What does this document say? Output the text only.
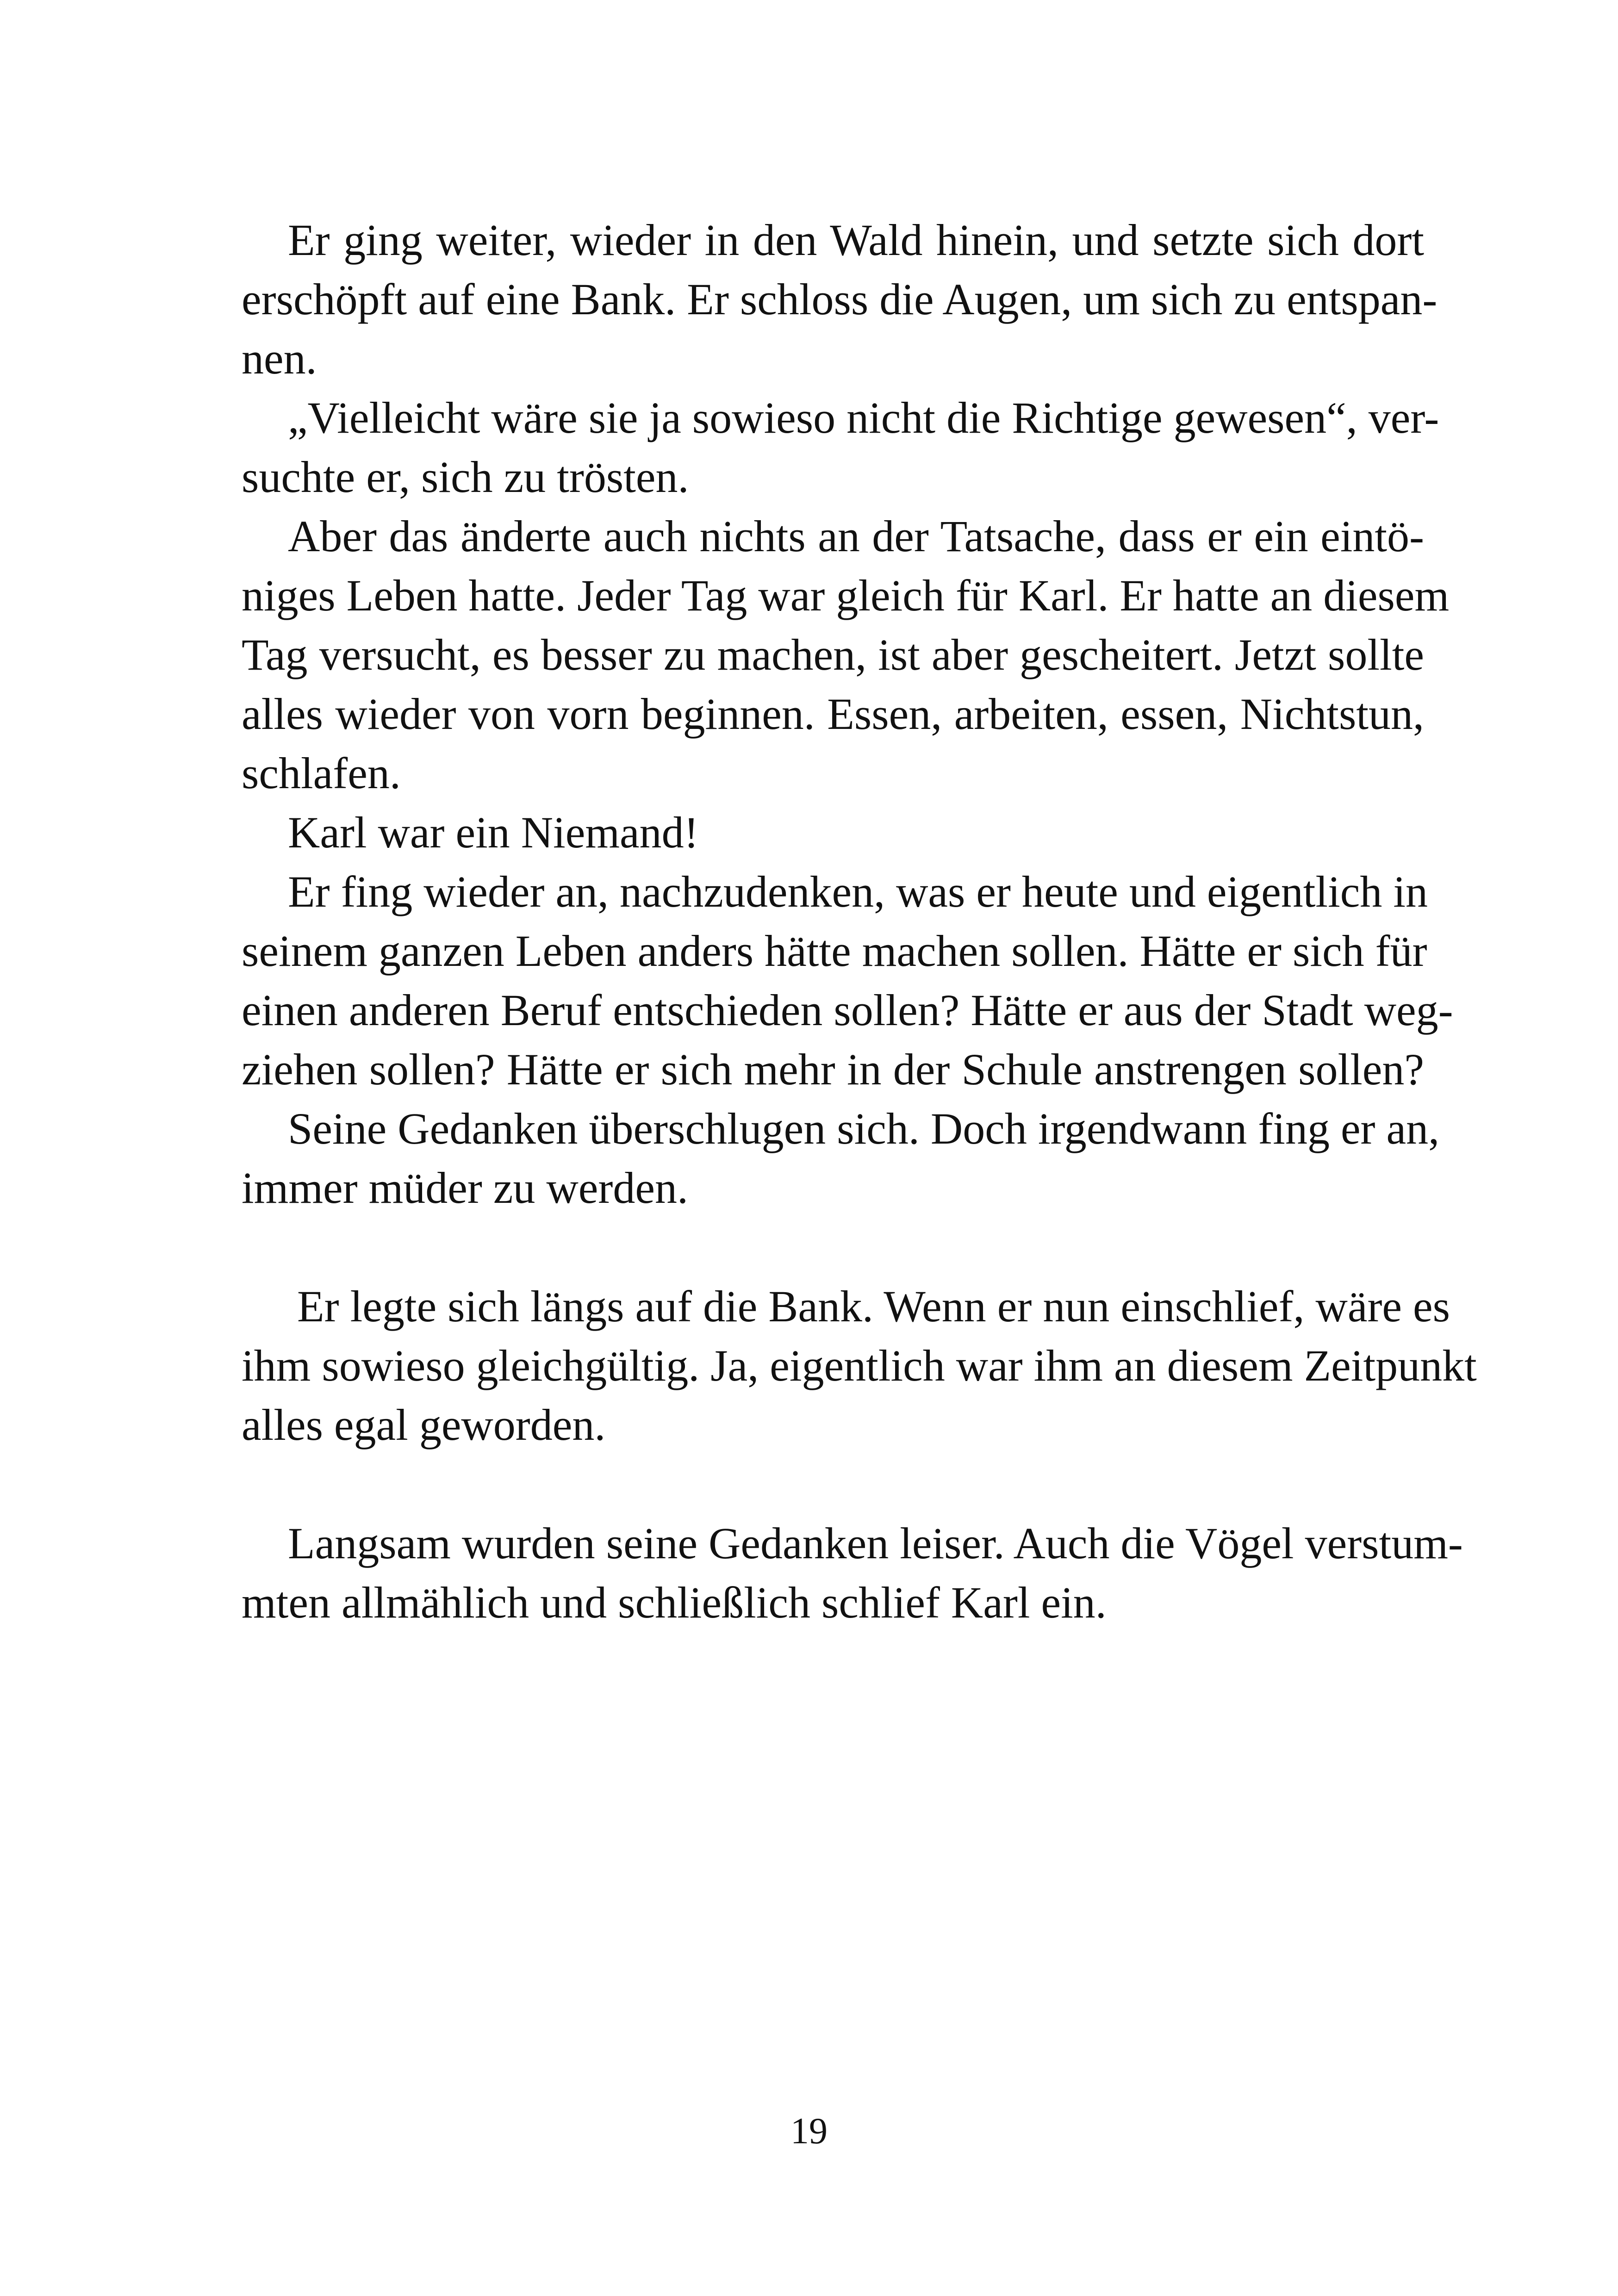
Er ging weiter, wieder in den Wald hinein, und setzte sich dort
erschöpft auf eine Bank. Er schloss die Augen, um sich zu entspan-
nen.
„Vielleicht wäre sie ja sowieso nicht die Richtige gewesen“, ver-
suchte er, sich zu trösten.
Aber das änderte auch nichts an der Tatsache, dass er ein eintö-
niges Leben hatte. Jeder Tag war gleich für Karl. Er hatte an diesem
Tag versucht, es besser zu machen, ist aber gescheitert. Jetzt sollte
alles wieder von vorn beginnen. Essen, arbeiten, essen, Nichtstun,
schlafen.
Karl war ein Niemand!
Er fing wieder an, nachzudenken, was er heute und eigentlich in
seinem ganzen Leben anders hätte machen sollen. Hätte er sich für
einen anderen Beruf entschieden sollen? Hätte er aus der Stadt weg-
ziehen sollen? Hätte er sich mehr in der Schule anstrengen sollen?
Seine Gedanken überschlugen sich. Doch irgendwann fing er an,
immer müder zu werden.
Er legte sich längs auf die Bank. Wenn er nun einschlief, wäre es
ihm sowieso gleichgültig. Ja, eigentlich war ihm an diesem Zeitpunkt
alles egal geworden.
Langsam wurden seine Gedanken leiser. Auch die Vögel verstum-
mten allmählich und schließlich schlief Karl ein.
19
